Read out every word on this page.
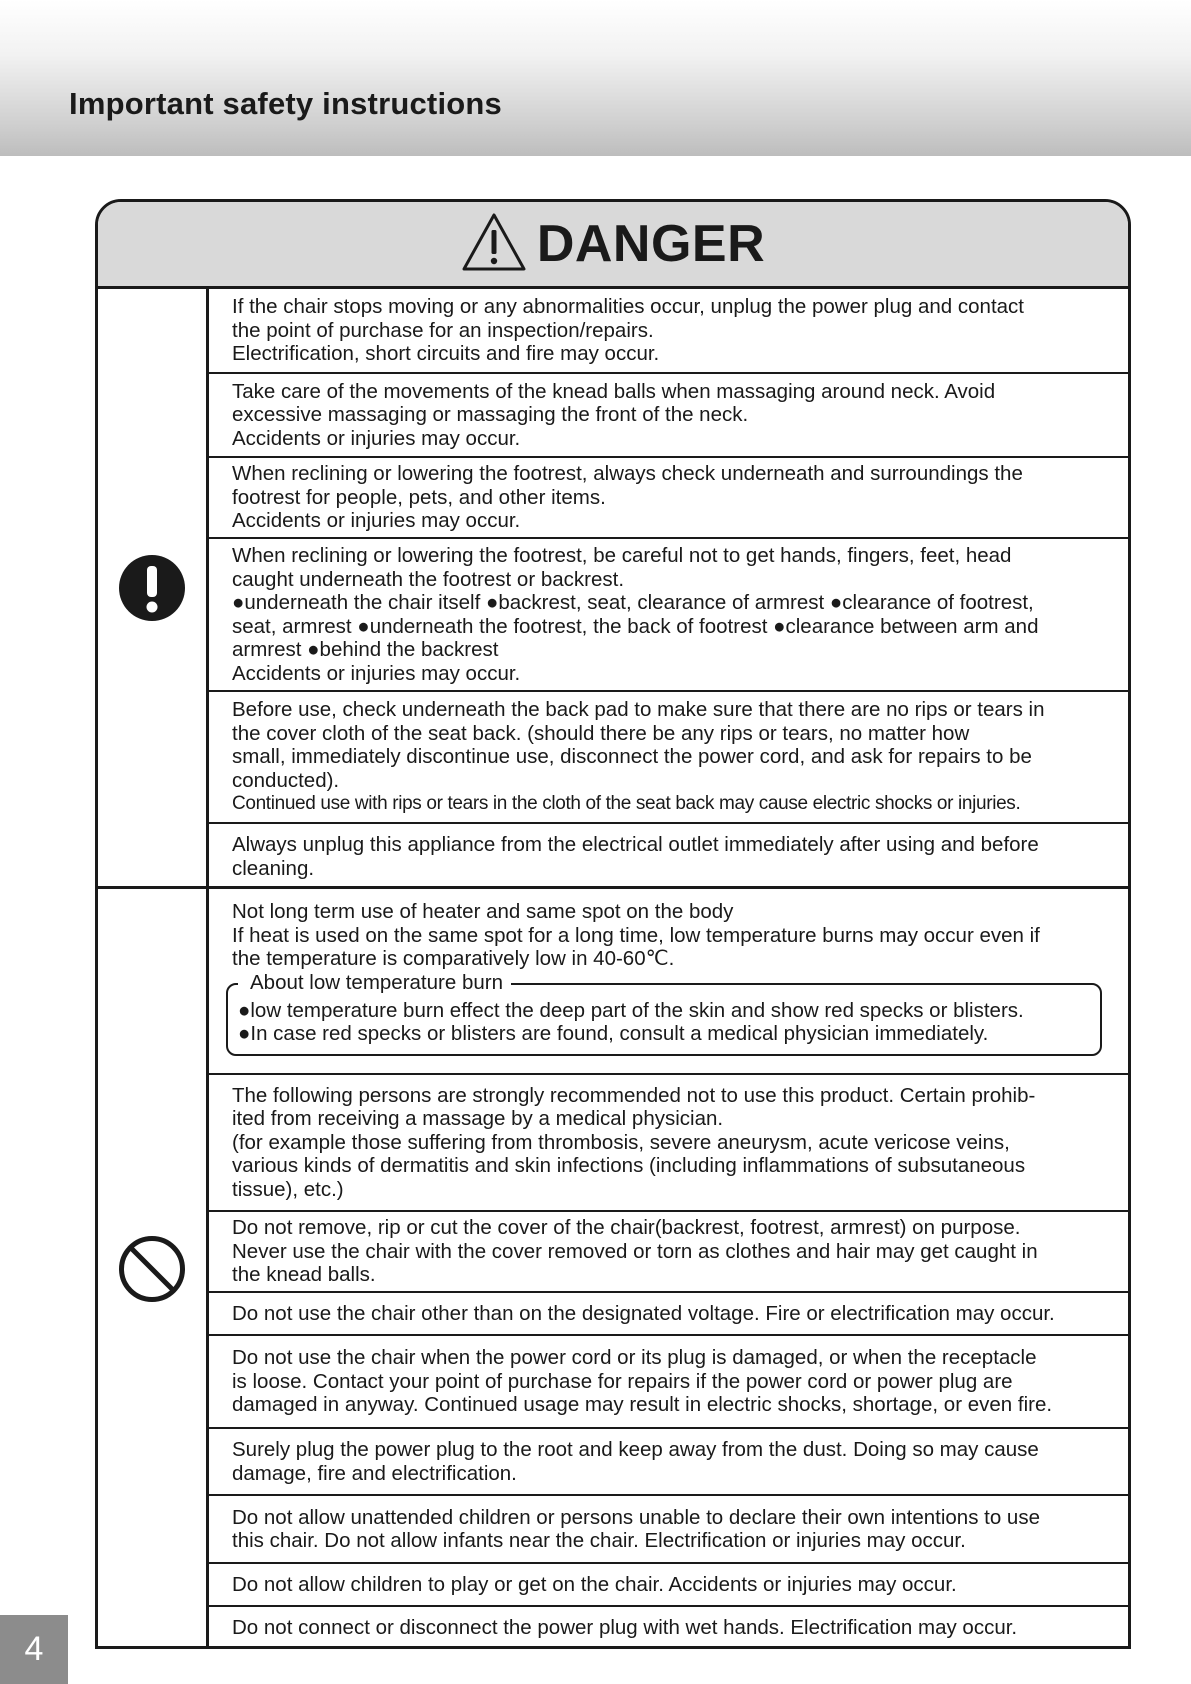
Important safety instructions
DANGER

If the chair stops moving or any abnormalities occur, unplug the power plug and contact

the point of purchase for an inspection/repairs.

Electrification, short circuits and fire may occur.

Take care of the movements of the knead balls when massaging around neck. Avoid

excessive massaging or massaging the front of the neck.

Accidents or injuries may occur.

When reclining or lowering the footrest, always check underneath and surroundings the

footrest for people, pets, and other items.

Accidents or injuries may occur.

When reclining or lowering the footrest, be careful not to get hands, fingers, feet, head

caught underneath the footrest or backrest.

●underneath the chair itself ●backrest, seat, clearance of armrest ●clearance of footrest,

seat, armrest ●underneath the footrest, the back of footrest ●clearance between arm and

armrest ●behind the backrest

Accidents or injuries may occur.

Before use, check underneath the back pad to make sure that there are no rips or tears in

the cover cloth of the seat back. (should there be any rips or tears, no matter how

small, immediately discontinue use, disconnect the power cord, and ask for repairs to be

conducted).

Continued use with rips or tears in the cloth of the seat back may cause electric shocks or injuries.

Always unplug this appliance from the electrical outlet immediately after using and before

cleaning.

Not long term use of heater and same spot on the body

If heat is used on the same spot for a long time, low temperature burns may occur even if

the temperature is comparatively low in 40-60℃.

About low temperature burn

●low temperature burn effect the deep part of the skin and show red specks or blisters.

●In case red specks or blisters are found, consult a medical physician immediately.

The following persons are strongly recommended not to use this product. Certain prohib-

ited from receiving a massage by a medical physician.

(for example those suffering from thrombosis, severe aneurysm, acute vericose veins,

various kinds of dermatitis and skin infections (including inflammations of subsutaneous

tissue), etc.)

Do not remove, rip or cut the cover of the chair(backrest, footrest, armrest) on purpose.

Never use the chair with the cover removed or torn as clothes and hair may get caught in

the knead balls.

Do not use the chair other than on the designated voltage. Fire or electrification may occur.

Do not use the chair when the power cord or its plug is damaged, or when the receptacle

is loose. Contact your point of purchase for repairs if the power cord or power plug are

damaged in anyway. Continued usage may result in electric shocks, shortage, or even fire.

Surely plug the power plug to the root and keep away from the dust. Doing so may cause

damage, fire and electrification.

Do not allow unattended children or persons unable to declare their own intentions to use

this chair. Do not allow infants near the chair. Electrification or injuries may occur.

Do not allow children to play or get on the chair. Accidents or injuries may occur.

Do not connect or disconnect the power plug with wet hands. Electrification may occur.

4
